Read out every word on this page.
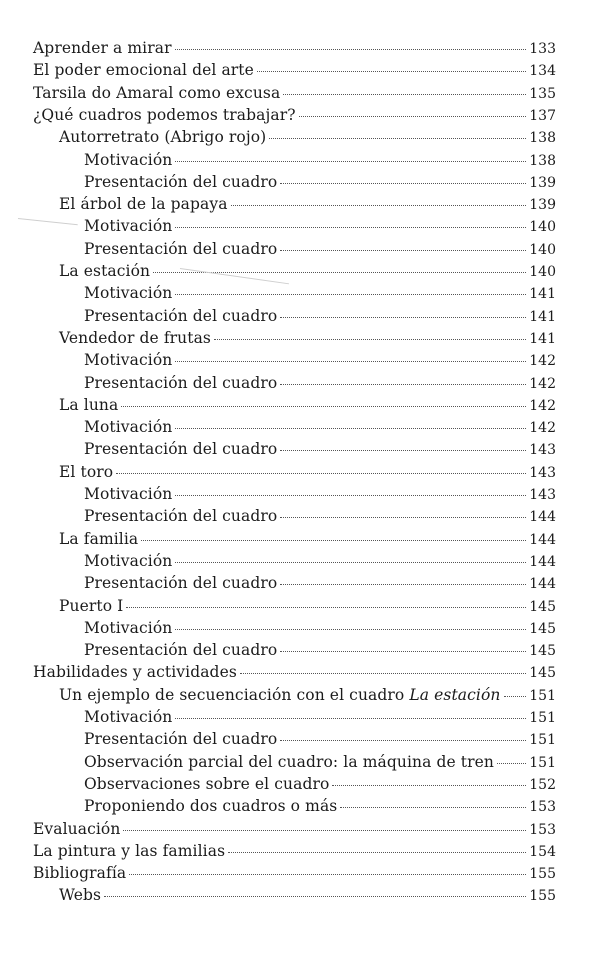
Aprender a mirar	133
El poder emocional del arte	134
Tarsila do Amaral como excusa	135
¿Qué cuadros podemos trabajar?	137
Autorretrato (Abrigo rojo)	138
Motivación	138
Presentación del cuadro	139
El árbol de la papaya	139
Motivación	140
Presentación del cuadro	140
La estación	140
Motivación	141
Presentación del cuadro	141
Vendedor de frutas	141
Motivación	142
Presentación del cuadro	142
La luna	142
Motivación	142
Presentación del cuadro	143
El toro	143
Motivación	143
Presentación del cuadro	144
La familia	144
Motivación	144
Presentación del cuadro	144
Puerto I	145
Motivación	145
Presentación del cuadro	145
Habilidades y actividades	145
Un ejemplo de secuenciación con el cuadro La estación 151
Motivación	151
Presentación del cuadro	151
Observación parcial del cuadro: la máquina de tren	151
Observaciones sobre el cuadro	152
Proponiendo dos cuadros o más	153
Evaluación	153
La pintura y las familias	154
Bibliografía	155
Webs	155
